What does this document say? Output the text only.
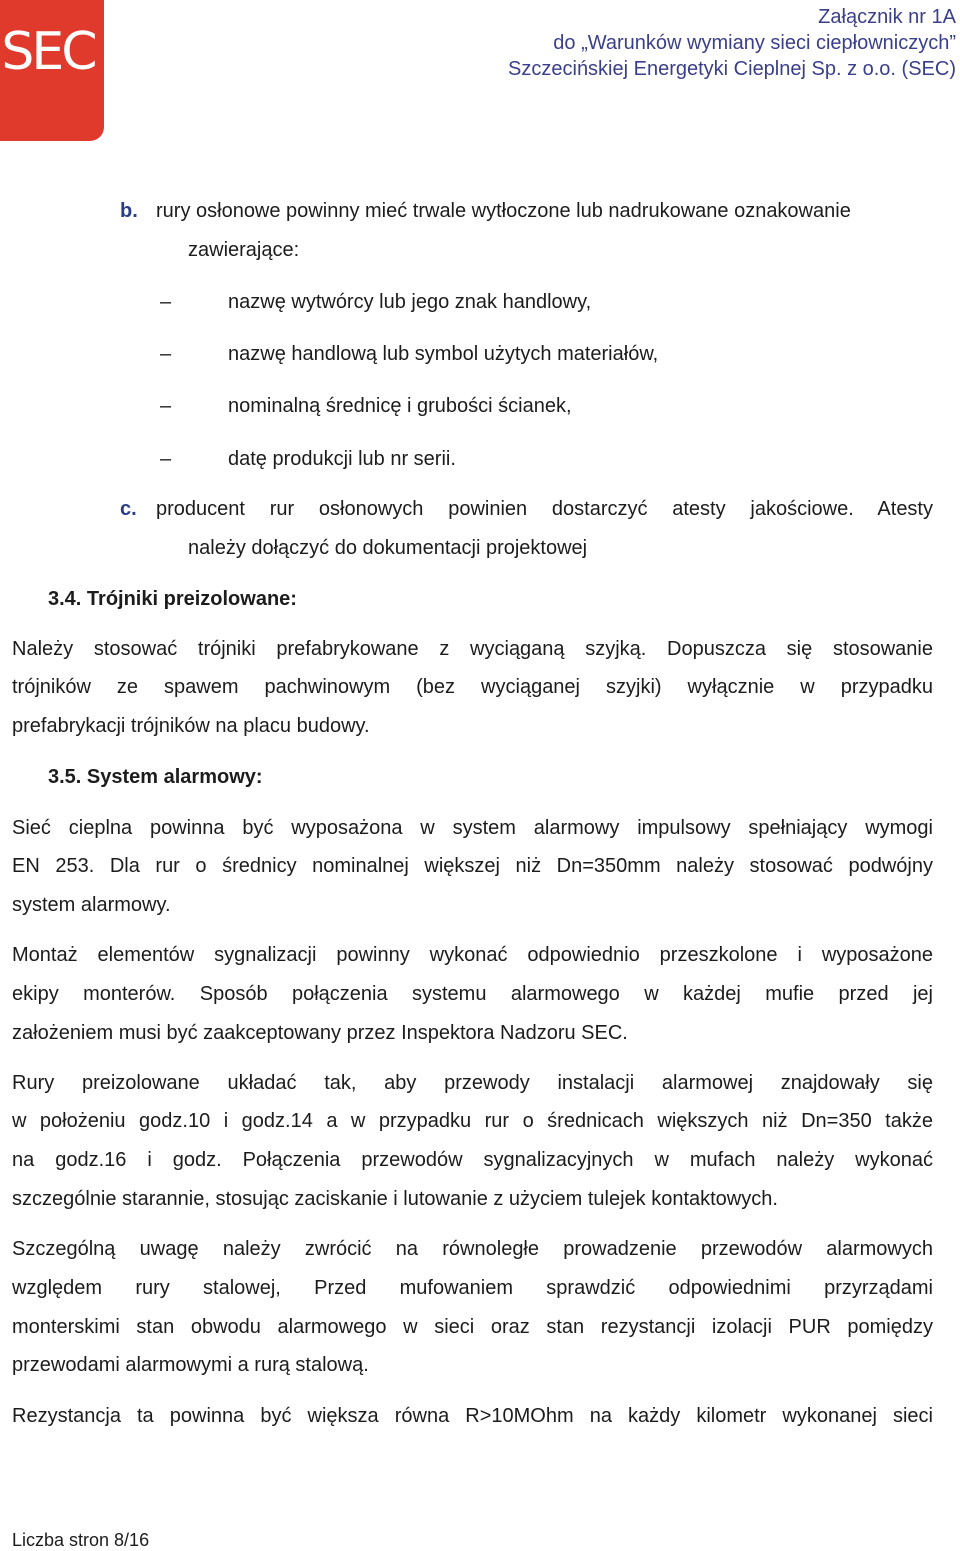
SEC
Załącznik nr 1A
do „Warunków wymiany sieci ciepłowniczych”
Szczecińskiej Energetyki Cieplnej Sp. z o.o. (SEC)
b. rury osłonowe powinny mieć trwale wytłoczone lub nadrukowane oznakowanie
zawierające:
–	nazwę wytwórcy lub jego znak handlowy,
–	nazwę handlową lub symbol użytych materiałów,
–	nominalną średnicę i grubości ścianek,
–	datę produkcji lub nr serii.
c. producent rur osłonowych powinien dostarczyć atesty jakościowe. Atesty
należy dołączyć do dokumentacji projektowej
3.4. Trójniki preizolowane:
Należy stosować trójniki prefabrykowane z wyciąganą szyjką. Dopuszcza się stosowanie
trójników ze spawem pachwinowym (bez wyciąganej szyjki) wyłącznie w przypadku
prefabrykacji trójników na placu budowy.
3.5. System alarmowy:
Sieć cieplna powinna być wyposażona w system alarmowy impulsowy spełniający wymogi
EN 253. Dla rur o średnicy nominalnej większej niż Dn=350mm należy stosować podwójny
system alarmowy.
Montaż elementów sygnalizacji powinny wykonać odpowiednio przeszkolone i wyposażone
ekipy monterów. Sposób połączenia systemu alarmowego w każdej mufie przed jej
założeniem musi być zaakceptowany przez Inspektora Nadzoru SEC.
Rury preizolowane układać tak, aby przewody instalacji alarmowej znajdowały się
w położeniu godz.10 i godz.14 a w przypadku rur o średnicach większych niż Dn=350 także
na godz.16 i godz. Połączenia przewodów sygnalizacyjnych w mufach należy wykonać
szczególnie starannie, stosując zaciskanie i lutowanie z użyciem tulejek kontaktowych.
Szczególną uwagę należy zwrócić na równoległe prowadzenie przewodów alarmowych
względem rury stalowej, Przed mufowaniem sprawdzić odpowiednimi przyrządami
monterskimi stan obwodu alarmowego w sieci oraz stan rezystancji izolacji PUR pomiędzy
przewodami alarmowymi a rurą stalową.
Rezystancja ta powinna być większa równa R>10MOhm na każdy kilometr wykonanej sieci
Liczba stron 8/16
